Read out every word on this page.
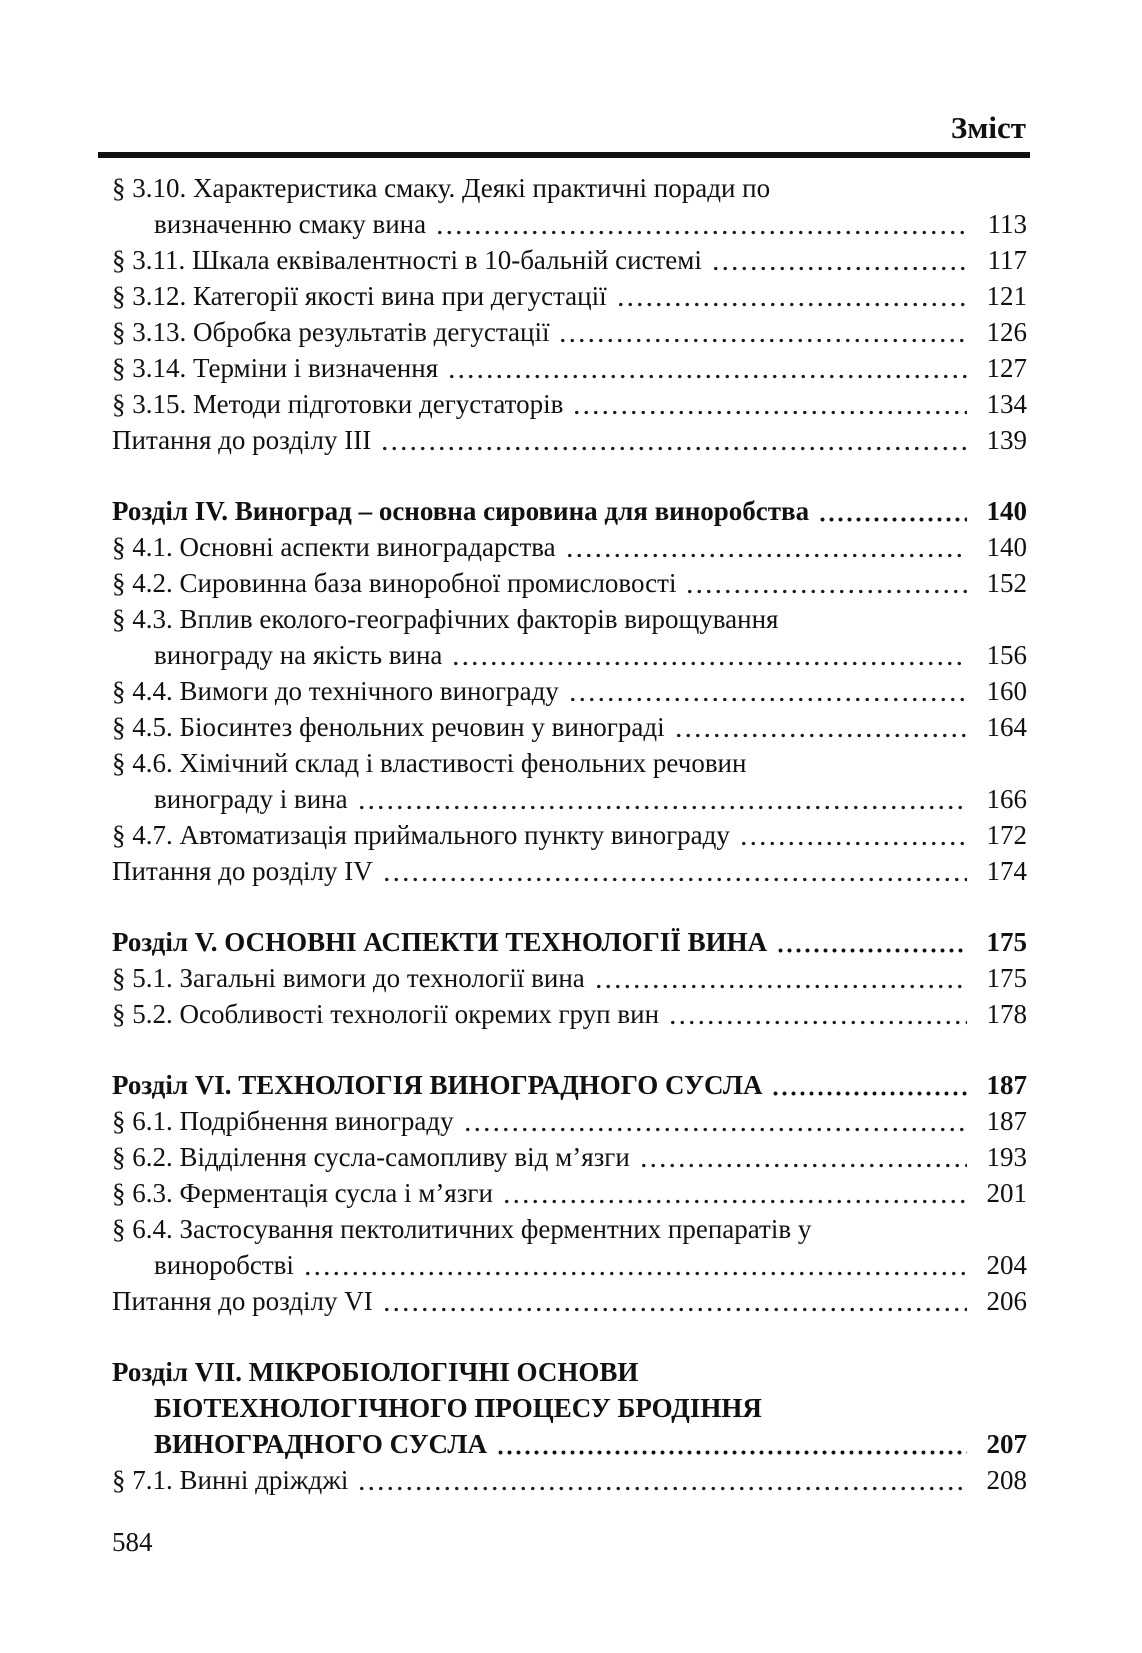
Зміст
§ 3.10. Характеристика смаку. Деякі практичні поради по
визначенню смаку вина	113
§ 3.11. Шкала еквівалентності в 10-бальній системі	117
§ 3.12. Категорії якості вина при дегустації	121
§ 3.13. Обробка результатів дегустації	126
§ 3.14. Терміни і визначення	127
§ 3.15. Методи підготовки дегустаторів	134
Питання до розділу III	139
Розділ IV. Виноград – основна сировина для виноробства	140
§ 4.1. Основні аспекти виноградарства	140
§ 4.2. Сировинна база виноробної промисловості	152
§ 4.3. Вплив еколого-географічних факторів вирощування
винограду на якість вина	156
§ 4.4. Вимоги до технічного винограду	160
§ 4.5. Біосинтез фенольних речовин у винограді	164
§ 4.6. Хімічний склад і властивості фенольних речовин
винограду і вина	166
§ 4.7. Автоматизація приймального пункту винограду	172
Питання до розділу IV	174
Розділ V. ОСНОВНІ АСПЕКТИ ТЕХНОЛОГІЇ ВИНА	175
§ 5.1. Загальні вимоги до технології вина	175
§ 5.2. Особливості технології окремих груп вин	178
Розділ VI. ТЕХНОЛОГІЯ ВИНОГРАДНОГО СУСЛА	187
§ 6.1. Подрібнення винограду	187
§ 6.2. Відділення сусла-самопливу від м’язги	193
§ 6.3. Ферментація сусла і м’язги	201
§ 6.4. Застосування пектолитичних ферментних препаратів у
виноробстві	204
Питання до розділу VI	206
Розділ VII. МІКРОБІОЛОГІЧНІ ОСНОВИ
БІОТЕХНОЛОГІЧНОГО ПРОЦЕСУ БРОДІННЯ
ВИНОГРАДНОГО СУСЛА	207
§ 7.1. Винні дріжджі	208
584
